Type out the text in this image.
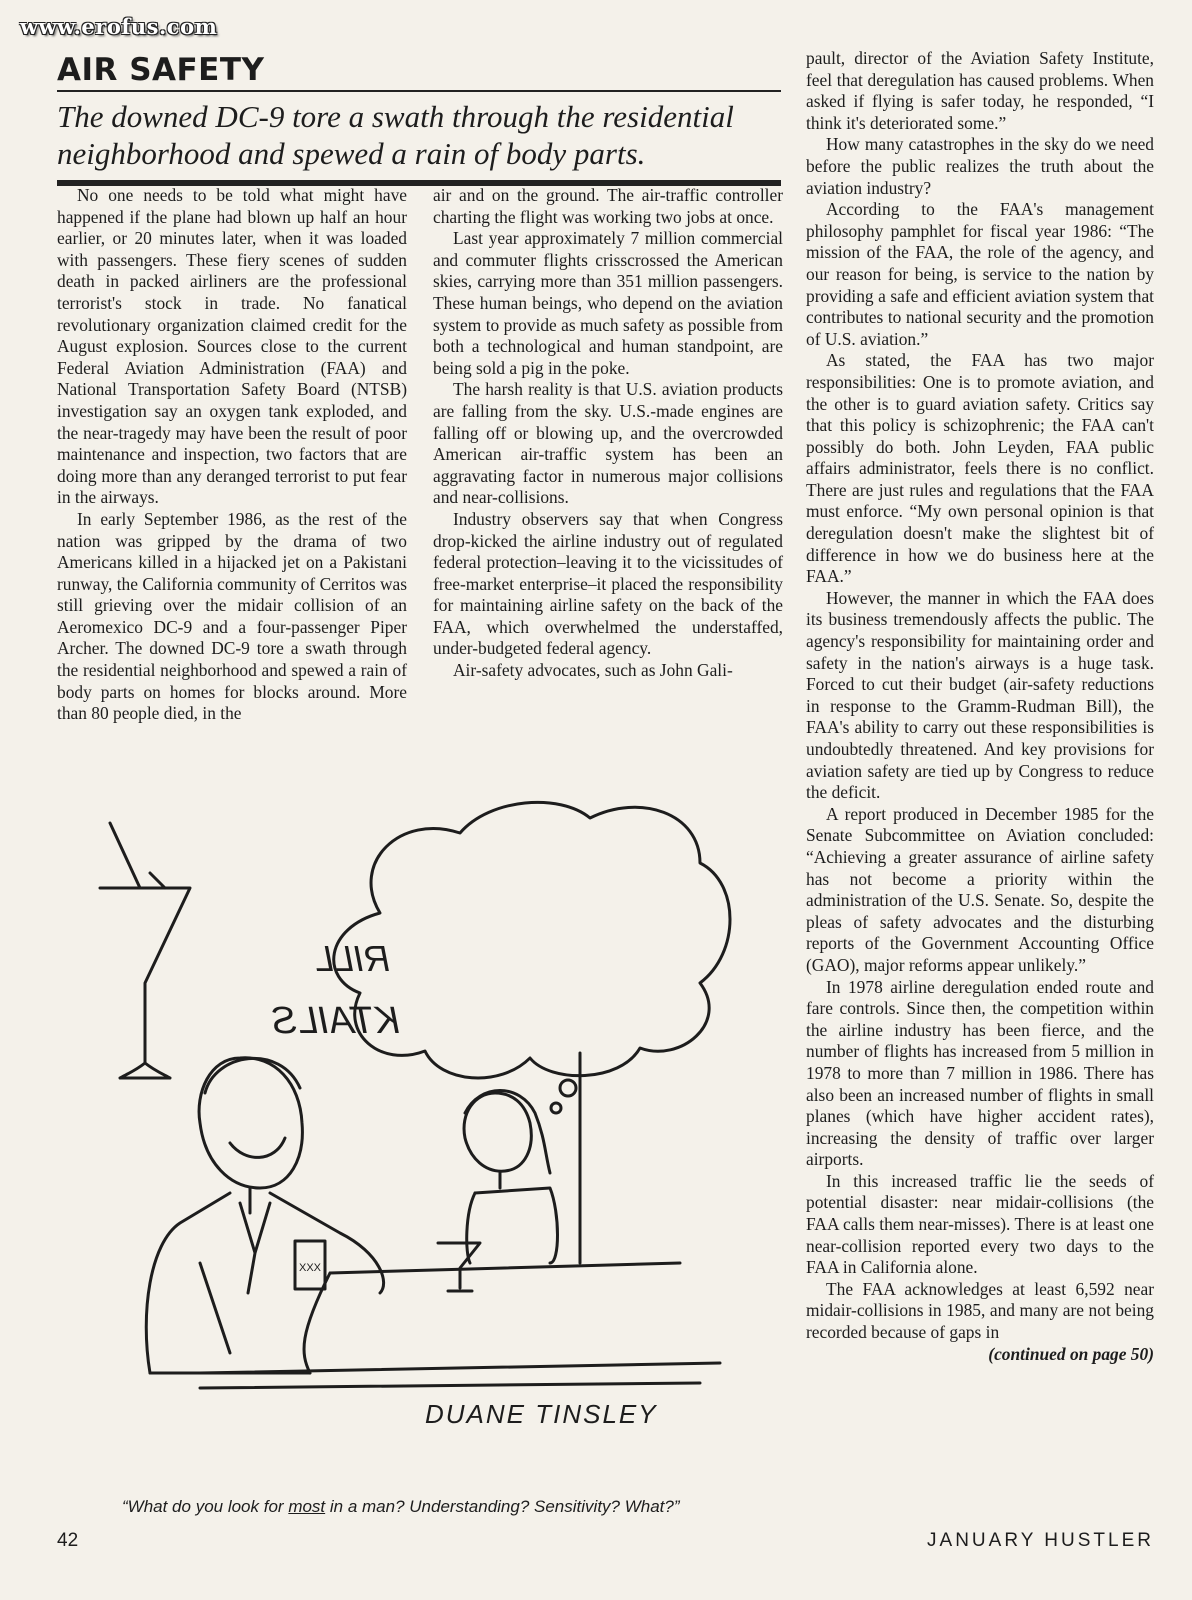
www.erofus.com
AIR SAFETY

The downed DC-9 tore a swath through the residential neighborhood and spewed a rain of body parts.

No one needs to be told what might have happened if the plane had blown up half an hour earlier, or 20 minutes later, when it was loaded with passengers. These fiery scenes of sudden death in packed airliners are the professional terrorist's stock in trade. No fanatical revolutionary organization claimed credit for the August explosion. Sources close to the current Federal Aviation Administration (FAA) and National Transportation Safety Board (NTSB) investigation say an oxygen tank exploded, and the near-tragedy may have been the result of poor maintenance and inspection, two factors that are doing more than any deranged terrorist to put fear in the airways.

In early September 1986, as the rest of the nation was gripped by the drama of two Americans killed in a hijacked jet on a Pakistani runway, the California community of Cerritos was still grieving over the midair collision of an Aeromexico DC-9 and a four-passenger Piper Archer. The downed DC-9 tore a swath through the residential neighborhood and spewed a rain of body parts on homes for blocks around. More than 80 people died, in the

air and on the ground. The air-traffic controller charting the flight was working two jobs at once.

Last year approximately 7 million commercial and commuter flights crisscrossed the American skies, carrying more than 351 million passengers. These human beings, who depend on the aviation system to provide as much safety as possible from both a technological and human standpoint, are being sold a pig in the poke.

The harsh reality is that U.S. aviation products are falling from the sky. U.S.-made engines are falling off or blowing up, and the overcrowded American air-traffic system has been an aggravating factor in numerous major collisions and near-collisions.

Industry observers say that when Congress drop-kicked the airline industry out of regulated federal protection–leaving it to the vicissitudes of free-market enterprise–it placed the responsibility for maintaining airline safety on the back of the FAA, which overwhelmed the understaffed, under-budgeted federal agency.

Air-safety advocates, such as John Gali-

pault, director of the Aviation Safety Institute, feel that deregulation has caused problems. When asked if flying is safer today, he responded, “I think it's deteriorated some.”

How many catastrophes in the sky do we need before the public realizes the truth about the aviation industry?

According to the FAA's management philosophy pamphlet for fiscal year 1986: “The mission of the FAA, the role of the agency, and our reason for being, is service to the nation by providing a safe and efficient aviation system that contributes to national security and the promotion of U.S. aviation.”

As stated, the FAA has two major responsibilities: One is to promote aviation, and the other is to guard aviation safety. Critics say that this policy is schizophrenic; the FAA can't possibly do both. John Leyden, FAA public affairs administrator, feels there is no conflict. There are just rules and regulations that the FAA must enforce. “My own personal opinion is that deregulation doesn't make the slightest bit of difference in how we do business here at the FAA.”

However, the manner in which the FAA does its business tremendously affects the public. The agency's responsibility for maintaining order and safety in the nation's airways is a huge task. Forced to cut their budget (air-safety reductions in response to the Gramm-Rudman Bill), the FAA's ability to carry out these responsibilities is undoubtedly threatened. And key provisions for aviation safety are tied up by Congress to reduce the deficit.

A report produced in December 1985 for the Senate Subcommittee on Aviation concluded: “Achieving a greater assurance of airline safety has not become a priority within the administration of the U.S. Senate. So, despite the pleas of safety advocates and the disturbing reports of the Government Accounting Office (GAO), major reforms appear unlikely.”

In 1978 airline deregulation ended route and fare controls. Since then, the competition within the airline industry has been fierce, and the number of flights has increased from 5 million in 1978 to more than 7 million in 1986. There has also been an increased number of flights in small planes (which have higher accident rates), increasing the density of traffic over larger airports.

In this increased traffic lie the seeds of potential disaster: near midair-collisions (the FAA calls them near-misses). There is at least one near-collision reported every two days to the FAA in California alone.

The FAA acknowledges at least 6,592 near midair-collisions in 1985, and many are not being recorded because of gaps in

(continued on page 50)
RILL
KTAILS
XXX
DUANE TINSLEY
“What do you look for most in a man? Understanding? Sensitivity? What?”
42	JANUARY HUSTLER
